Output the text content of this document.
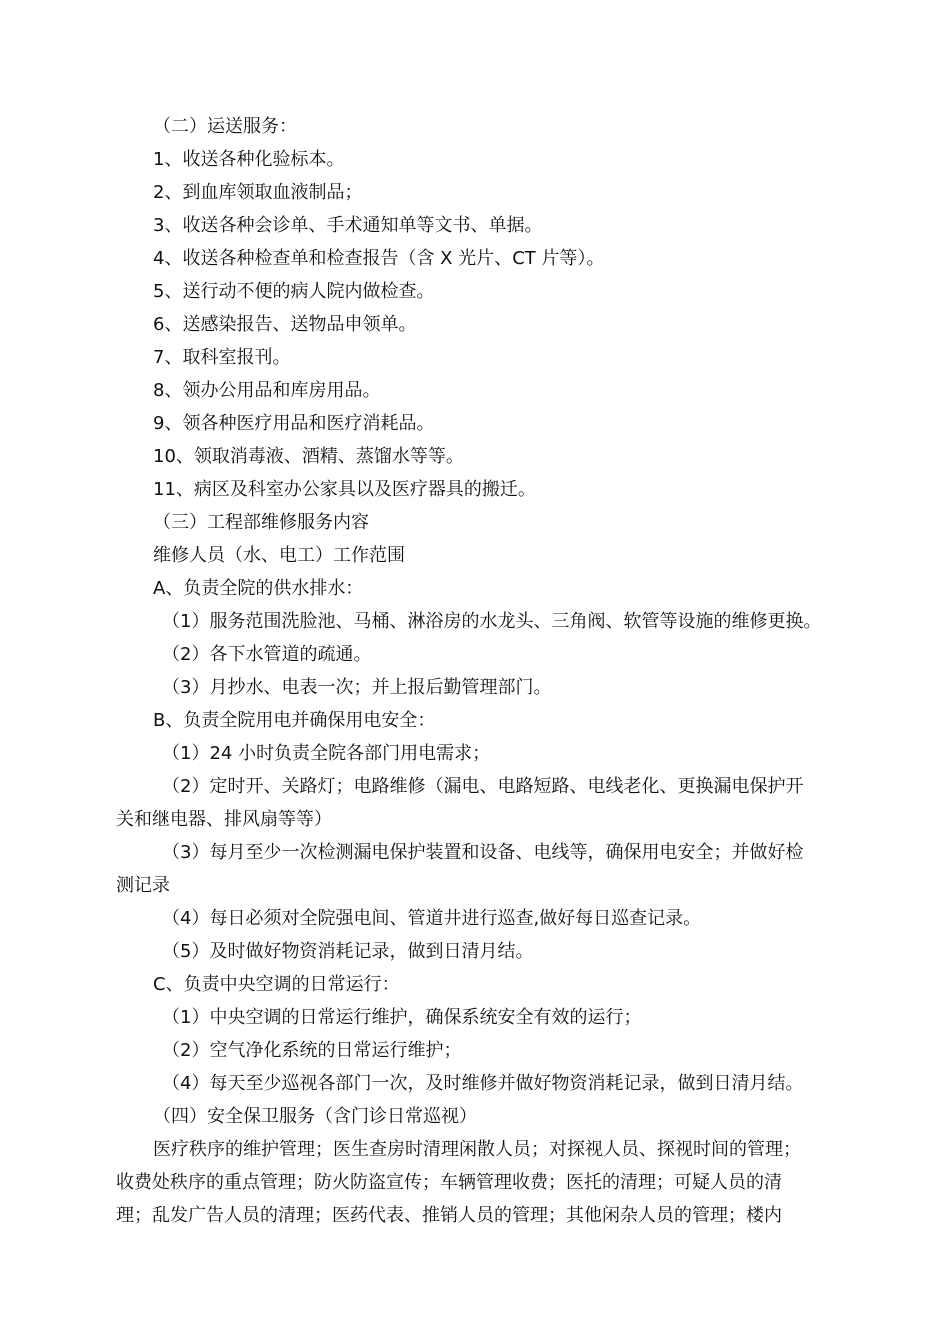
（二）运送服务：
1、收送各种化验标本。
2、到血库领取血液制品；
3、收送各种会诊单、手术通知单等文书、单据。
4、收送各种检查单和检查报告（含 X 光片、CT 片等）。
5、送行动不便的病人院内做检查。
6、送感染报告、送物品申领单。
7、取科室报刊。
8、领办公用品和库房用品。
9、领各种医疗用品和医疗消耗品。
10、领取消毒液、酒精、蒸馏水等等。
11、病区及科室办公家具以及医疗器具的搬迁。
（三）工程部维修服务内容
维修人员（水、电工）工作范围
A、负责全院的供水排水：
（1）服务范围洗脸池、马桶、淋浴房的水龙头、三角阀、软管等设施的维修更换。
（2）各下水管道的疏通。
（3）月抄水、电表一次；并上报后勤管理部门。
B、负责全院用电并确保用电安全：
（1）24 小时负责全院各部门用电需求；
（2）定时开、关路灯；电路维修（漏电、电路短路、电线老化、更换漏电保护开
关和继电器、排风扇等等）
（3）每月至少一次检测漏电保护装置和设备、电线等，确保用电安全；并做好检
测记录
（4）每日必须对全院强电间、管道井进行巡查,做好每日巡查记录。
（5）及时做好物资消耗记录，做到日清月结。
C、负责中央空调的日常运行：
（1）中央空调的日常运行维护，确保系统安全有效的运行；
（2）空气净化系统的日常运行维护；
（4）每天至少巡视各部门一次，及时维修并做好物资消耗记录，做到日清月结。
（四）安全保卫服务（含门诊日常巡视）
医疗秩序的维护管理；医生查房时清理闲散人员；对探视人员、探视时间的管理；
收费处秩序的重点管理；防火防盗宣传；车辆管理收费；医托的清理；可疑人员的清
理；乱发广告人员的清理；医药代表、推销人员的管理；其他闲杂人员的管理；楼内
